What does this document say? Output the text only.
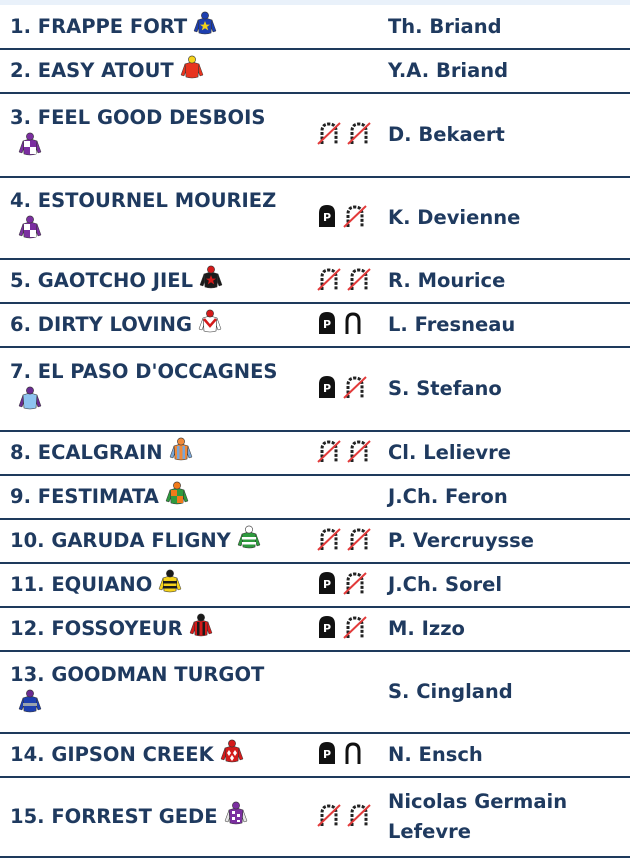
1. FRAPPE FORT		Th. Briand
2. EASY ATOUT		Y.A. Briand
3. FEEL GOOD DESBOIS		D. Bekaert
4. ESTOURNEL MOURIEZ	P	K. Devienne
5. GAOTCHO JIEL		R. Mourice
6. DIRTY LOVING	P	L. Fresneau
7. EL PASO D'OCCAGNES	P	S. Stefano
8. ECALGRAIN		Cl. Lelievre
9. FESTIMATA		J.Ch. Feron
10. GARUDA FLIGNY		P. Vercruysse
11. EQUIANO	P	J.Ch. Sorel
12. FOSSOYEUR	P	M. Izzo
13. GOODMAN TURGOT		S. Cingland
14. GIPSON CREEK	P	N. Ensch
15. FORREST GEDE		Nicolas Germain Lefevre
